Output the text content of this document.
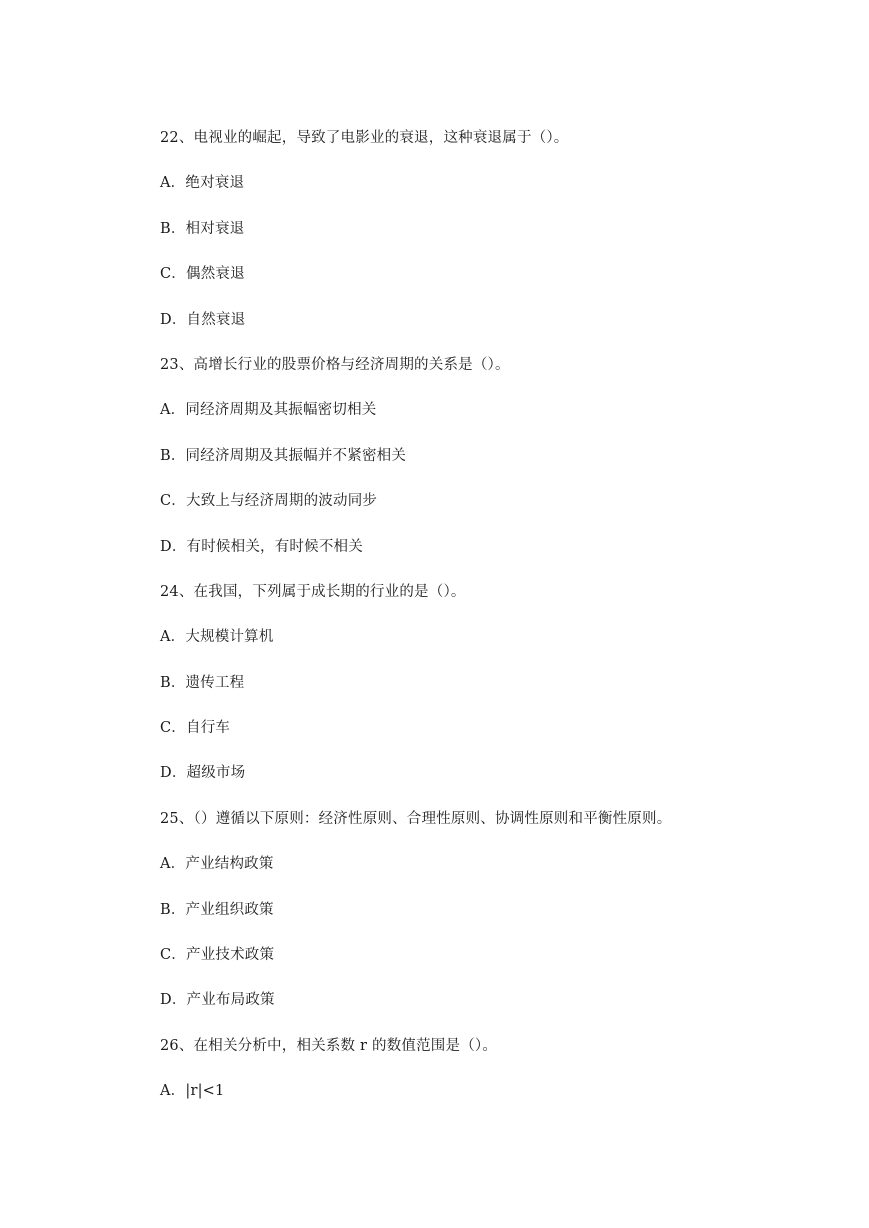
22、电视业的崛起，导致了电影业的衰退，这种衰退属于（）。
A．绝对衰退
B．相对衰退
C．偶然衰退
D．自然衰退
23、高增长行业的股票价格与经济周期的关系是（）。
A．同经济周期及其振幅密切相关
B．同经济周期及其振幅并不紧密相关
C．大致上与经济周期的波动同步
D．有时候相关，有时候不相关
24、在我国，下列属于成长期的行业的是（）。
A．大规模计算机
B．遗传工程
C．自行车
D．超级市场
25、（）遵循以下原则：经济性原则、合理性原则、协调性原则和平衡性原则。
A．产业结构政策
B．产业组织政策
C．产业技术政策
D．产业布局政策
26、在相关分析中，相关系数 r 的数值范围是（）。
A．|r|<1
